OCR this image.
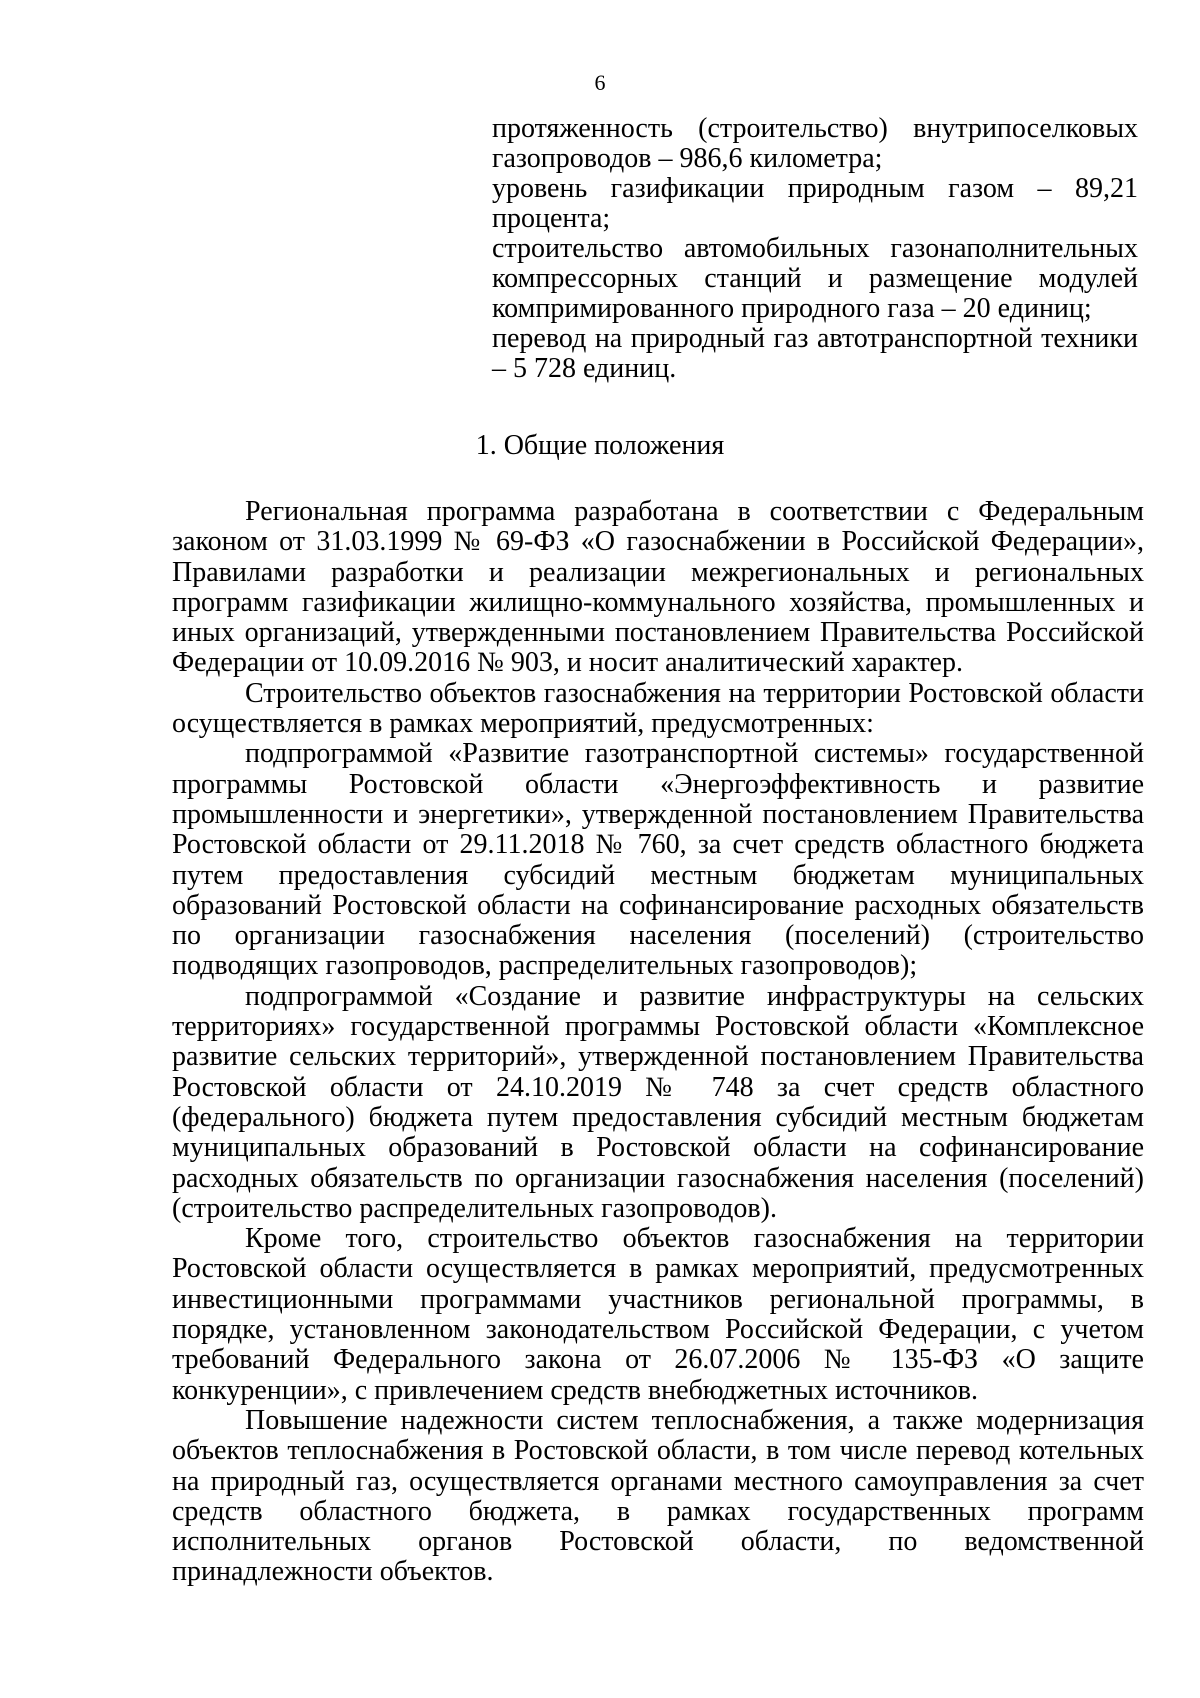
6

протяженность (строительство) внутрипоселковых газопроводов – 986,6 километра;

уровень газификации природным газом – 89,21 процента;

строительство автомобильных газонаполнительных компрессорных станций и размещение модулей компримированного природного газа – 20 единиц;

перевод на природный газ автотранспортной техники – 5 728 единиц.

1. Общие положения

Региональная программа разработана в соответствии с Федеральным законом от 31.03.1999 № 69-ФЗ «О газоснабжении в Российской Федерации», Правилами разработки и реализации межрегиональных и региональных программ газификации жилищно-коммунального хозяйства, промышленных и иных организаций, утвержденными постановлением Правительства Российской Федерации от 10.09.2016 № 903, и носит аналитический характер.

Строительство объектов газоснабжения на территории Ростовской области осуществляется в рамках мероприятий, предусмотренных:

подпрограммой «Развитие газотранспортной системы» государственной программы Ростовской области «Энергоэффективность и развитие промышленности и энергетики», утвержденной постановлением Правительства Ростовской области от 29.11.2018 № 760, за счет средств областного бюджета путем предоставления субсидий местным бюджетам муниципальных образований Ростовской области на софинансирование расходных обязательств по организации газоснабжения населения (поселений) (строительство подводящих газопроводов, распределительных газопроводов);

подпрограммой «Создание и развитие инфраструктуры на сельских территориях» государственной программы Ростовской области «Комплексное развитие сельских территорий», утвержденной постановлением Правительства Ростовской области от 24.10.2019 № 748 за счет средств областного (федерального) бюджета путем предоставления субсидий местным бюджетам муниципальных образований в Ростовской области на софинансирование расходных обязательств по организации газоснабжения населения (поселений) (строительство распределительных газопроводов).

Кроме того, строительство объектов газоснабжения на территории Ростовской области осуществляется в рамках мероприятий, предусмотренных инвестиционными программами участников региональной программы, в порядке, установленном законодательством Российской Федерации, с учетом требований Федерального закона от 26.07.2006 № 135-ФЗ «О защите конкуренции», с привлечением средств внебюджетных источников.

Повышение надежности систем теплоснабжения, а также модернизация объектов теплоснабжения в Ростовской области, в том числе перевод котельных на природный газ, осуществляется органами местного самоуправления за счет средств областного бюджета, в рамках государственных программ исполнительных органов Ростовской области, по ведомственной принадлежности объектов.
